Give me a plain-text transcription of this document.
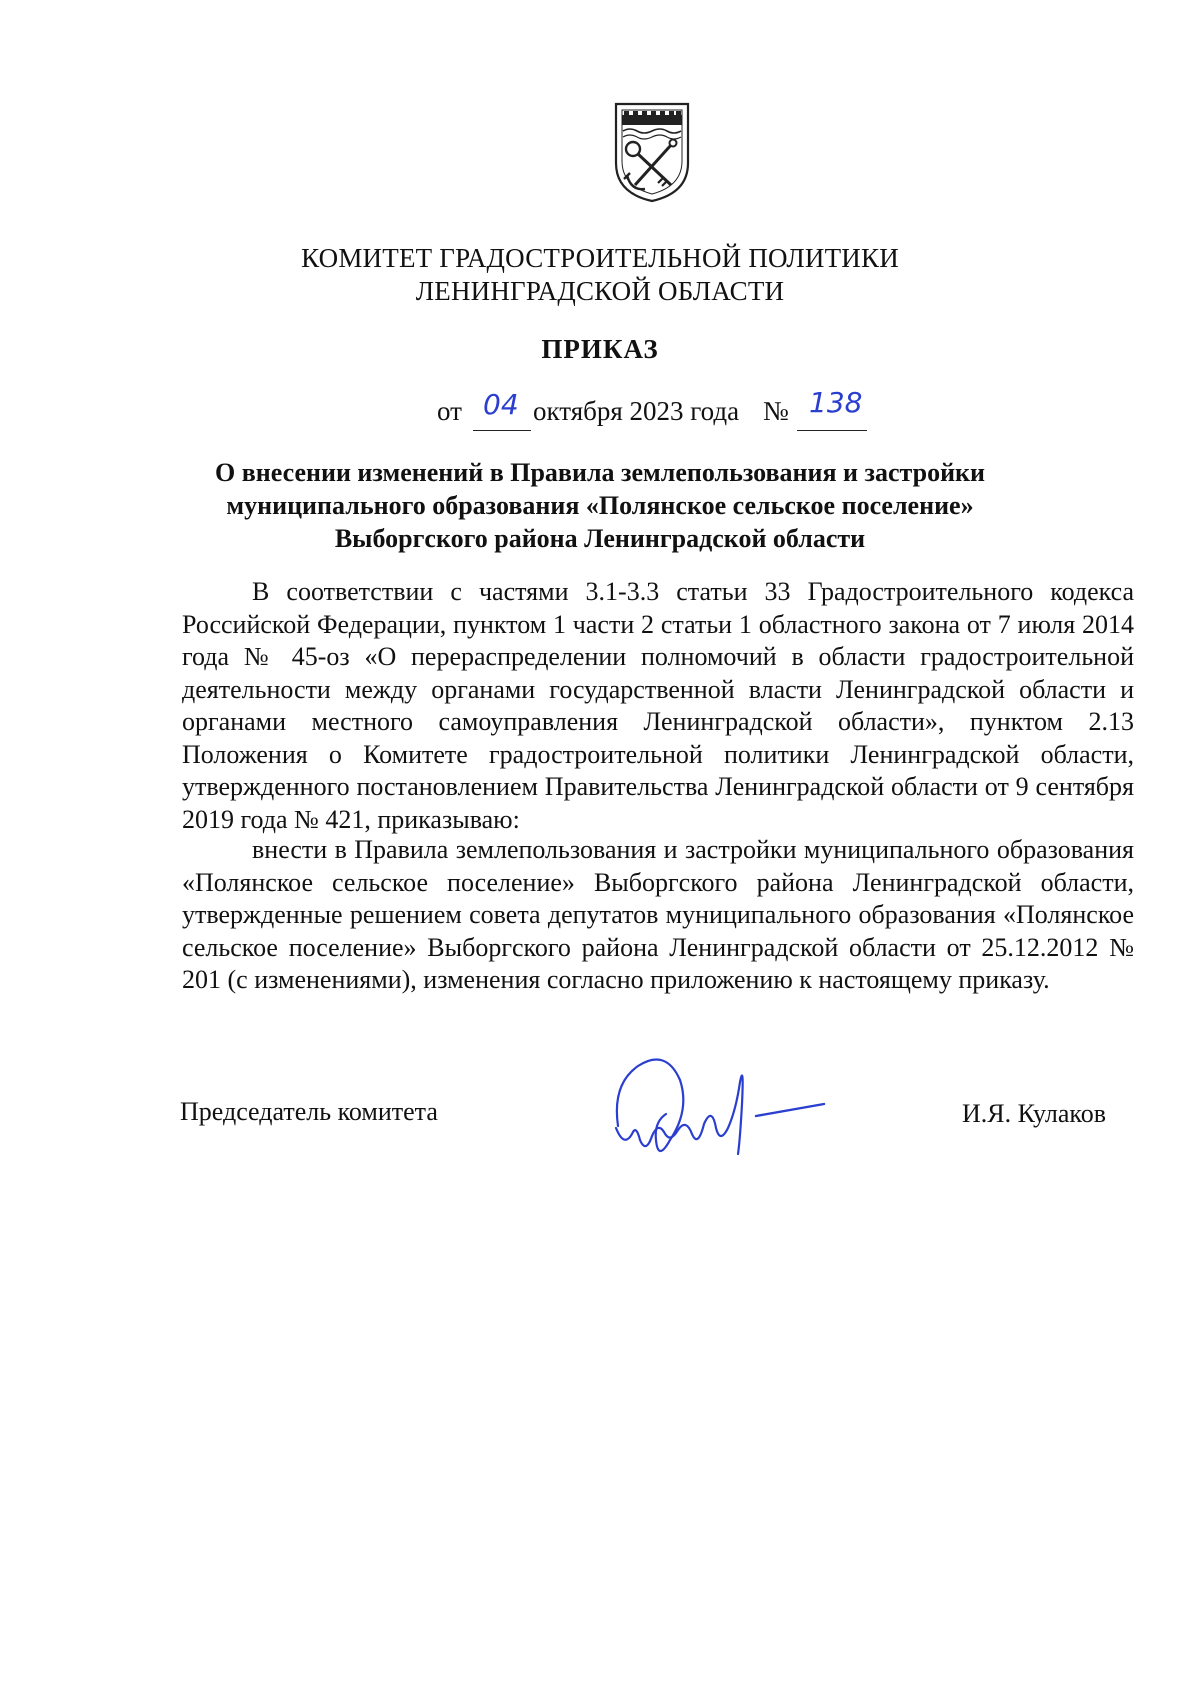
КОМИТЕТ ГРАДОСТРОИТЕЛЬНОЙ ПОЛИТИКИ
ЛЕНИНГРАДСКОЙ ОБЛАСТИ
ПРИКАЗ
от 04 октября 2023 года № 138
О внесении изменений в Правила землепользования и застройки
муниципального образования «Полянское сельское поселение»
Выборгского района Ленинградской области
В соответствии с частями 3.1-3.3 статьи 33 Градостроительного кодекса Российской Федерации, пунктом 1 части 2 статьи 1 областного закона от 7 июля 2014 года № 45-оз «О перераспределении полномочий в области градостроительной деятельности между органами государственной власти Ленинградской области и органами местного самоуправления Ленинградской области», пунктом 2.13 Положения о Комитете градостроительной политики Ленинградской области, утвержденного постановлением Правительства Ленинградской области от 9 сентября 2019 года № 421, приказываю:
внести в Правила землепользования и застройки муниципального образования «Полянское сельское поселение» Выборгского района Ленинградской области, утвержденные решением совета депутатов муниципального образования «Полянское сельское поселение» Выборгского района Ленинградской области от 25.12.2012 № 201 (с изменениями), изменения согласно приложению к настоящему приказу.
Председатель комитета	И.Я. Кулаков
